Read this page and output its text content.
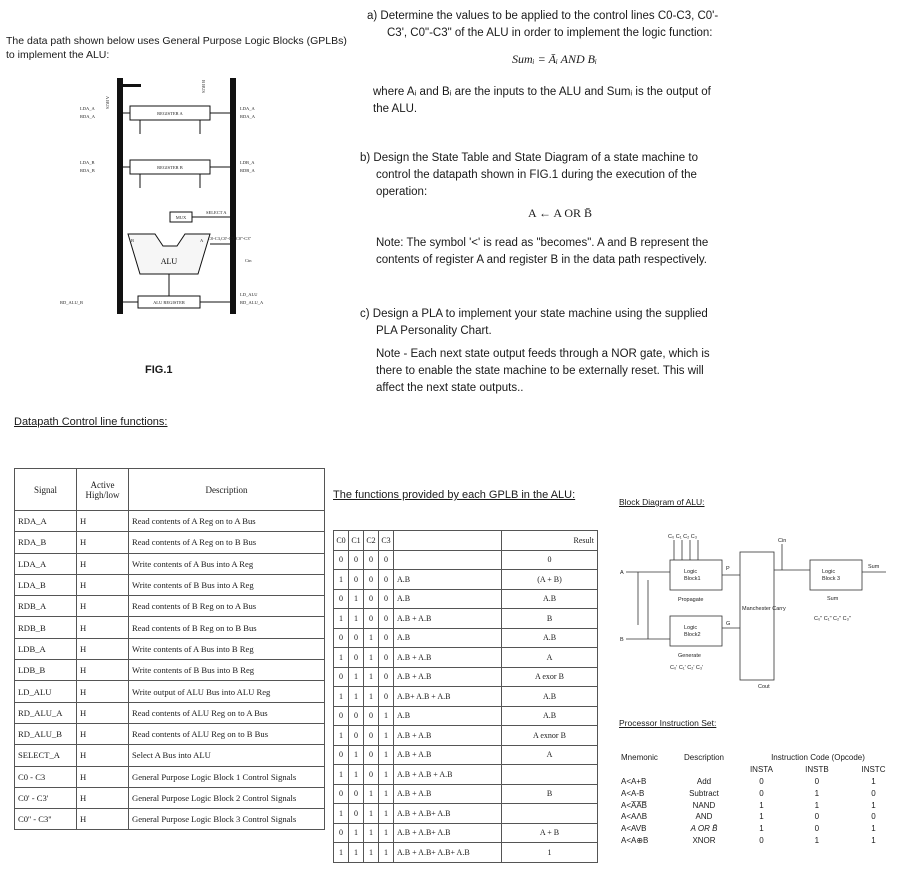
The data path shown below uses General Purpose Logic Blocks (GPLBs)
to implement the ALU:
A BUS
B BUS
REGISTER A
LDA_A
RDA_A
LDA_A
RDA_A
REGISTER B
LDA_B
RDA_B
LDB_A
RDB_A
MUX
SELECT A
B	A
ALU
C0-C3,C0'-C3',C0''-C3''
Cin
ALU REGISTER
RD_ALU_B
LD_ALU
RD_ALU_A
FIG.1
a) Determine the values to be applied to the control lines C0-C3, C0'-
C3', C0"-C3" of the ALU in order to implement the logic function:
Sumᵢ = Āᵢ AND Bᵢ
where Aᵢ and Bᵢ are the inputs to the ALU and Sumᵢ is the output of
the ALU.
b) Design the State Table and State Diagram of a state machine to
control the datapath shown in FIG.1 during the execution of the
operation:
A ← A OR B̄
Note: The symbol '<' is read as "becomes". A and B represent the
contents of register A and register B in the data path respectively.
c) Design a PLA to implement your state machine using the supplied
PLA Personality Chart.
Note - Each next state output feeds through a NOR gate, which is
there to enable the state machine to be externally reset. This will
affect the next state outputs..
Datapath Control line functions:
Signal	Active High/low	Description
RDA_A	H	Read contents of A Reg on to A Bus
RDA_B	H	Read contents of A Reg on to B Bus
LDA_A	H	Write contents of A Bus into A Reg
LDA_B	H	Write contents of B Bus into A Reg
RDB_A	H	Read contents of B Reg on to A Bus
RDB_B	H	Read contents of B Reg on to B Bus
LDB_A	H	Write contents of A Bus into B Reg
LDB_B	H	Write contents of B Bus into B Reg
LD_ALU	H	Write output of ALU Bus into ALU Reg
RD_ALU_A	H	Read contents of ALU Reg on to A Bus
RD_ALU_B	H	Read contents of ALU Reg on to B Bus
SELECT_A	H	Select A Bus into ALU
C0 - C3	H	General Purpose Logic Block 1 Control Signals
C0' - C3'	H	General Purpose Logic Block 2 Control Signals
C0'' - C3''	H	General Purpose Logic Block 3 Control Signals
The functions provided by each GPLB in the ALU:
C0	C1	C2	C3		Result
0	0	0	0		0
1	0	0	0	A.B	(A + B)
0	1	0	0	A.B	A.B
1	1	0	0	A.B + A.B	B
0	0	1	0	A.B	A.B
1	0	1	0	A.B + A.B	A
0	1	1	0	A.B + A.B	A exor B
1	1	1	0	A.B+ A.B + A.B	A.B
0	0	0	1	A.B	A.B
1	0	0	1	A.B + A.B	A exnor B
0	1	0	1	A.B + A.B	A
1	1	0	1	A.B + A.B + A.B	
0	0	1	1	A.B + A.B	B
1	0	1	1	A.B + A.B+ A.B	
0	1	1	1	A.B + A.B+ A.B	A + B
1	1	1	1	A.B + A.B+ A.B+ A.B	1
Block Diagram of ALU:
C₀ C₁ C₂ C₃
Cin
A
B
Logic
Block1
Propagate
P
Logic
Block2
Generate
G
C₀' C₁' C₂' C₃'
Manchester Carry
Cout
Logic
Block 3
Sum
Sum
C₀" C₁" C₂" C₃"
Processor Instruction Set:
Mnemonic	Description	Instruction Code (Opcode)		
		INSTA	INSTB	INSTC
A<A+B	Add	0	0	1
A<A-B	Subtract	0	1	0
A<A̅A̅B̅	NAND	1	1	1
A<AΛB	AND	1	0	0
A<AVB	A OR B̄	1	0	1
A<A⊕B	XNOR	0	1	1
